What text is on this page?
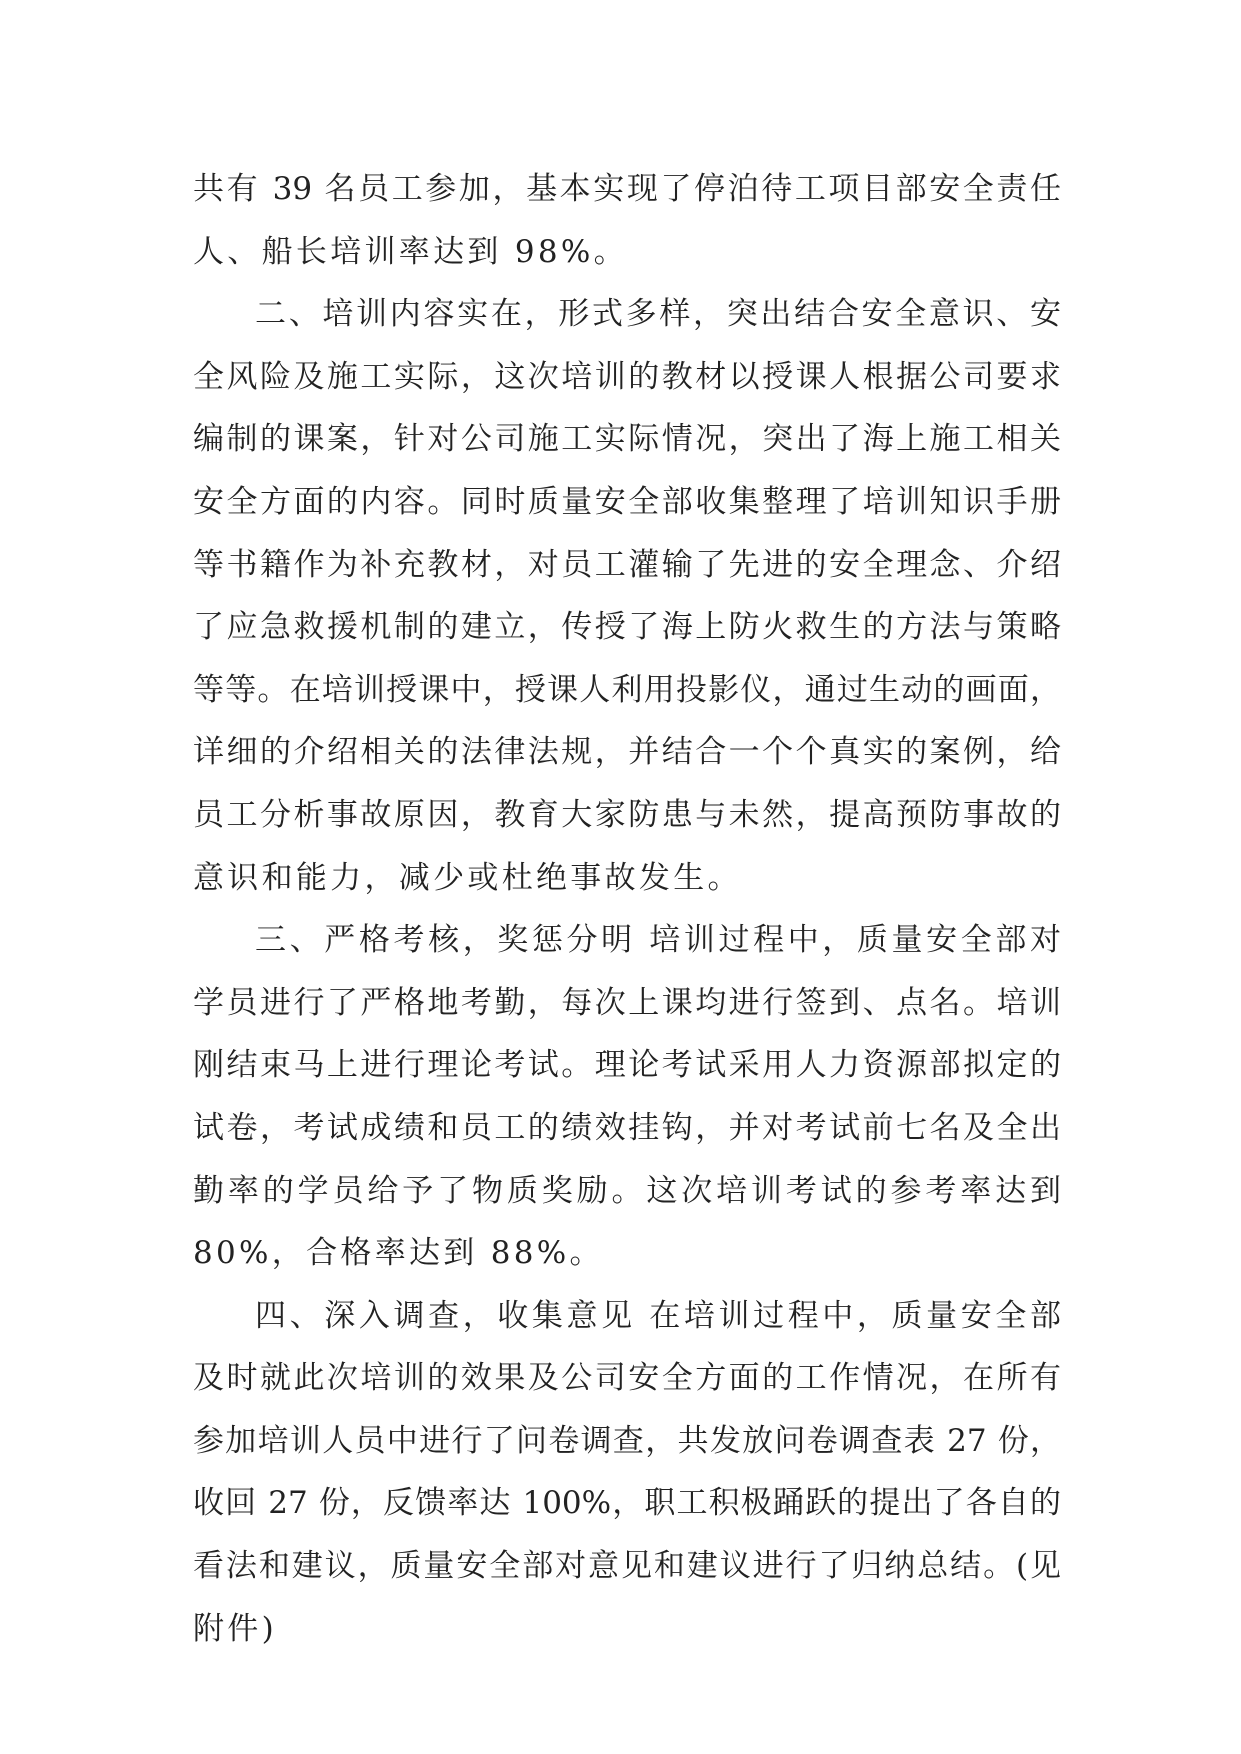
共有 39 名员工参加，基本实现了停泊待工项目部安全责任
人、船长培训率达到 98%。
二、培训内容实在，形式多样，突出结合安全意识、安
全风险及施工实际，这次培训的教材以授课人根据公司要求
编制的课案，针对公司施工实际情况，突出了海上施工相关
安全方面的内容。同时质量安全部收集整理了培训知识手册
等书籍作为补充教材，对员工灌输了先进的安全理念、介绍
了应急救援机制的建立，传授了海上防火救生的方法与策略
等等。在培训授课中，授课人利用投影仪，通过生动的画面，
详细的介绍相关的法律法规，并结合一个个真实的案例，给
员工分析事故原因，教育大家防患与未然，提高预防事故的
意识和能力，减少或杜绝事故发生。
三、严格考核，奖惩分明 培训过程中，质量安全部对
学员进行了严格地考勤，每次上课均进行签到、点名。培训
刚结束马上进行理论考试。理论考试采用人力资源部拟定的
试卷，考试成绩和员工的绩效挂钩，并对考试前七名及全出
勤率的学员给予了物质奖励。这次培训考试的参考率达到
80%，合格率达到 88%。
四、深入调查，收集意见 在培训过程中，质量安全部
及时就此次培训的效果及公司安全方面的工作情况，在所有
参加培训人员中进行了问卷调查，共发放问卷调查表 27 份，
收回 27 份，反馈率达 100%，职工积极踊跃的提出了各自的
看法和建议，质量安全部对意见和建议进行了归纳总结。(见
附件)
